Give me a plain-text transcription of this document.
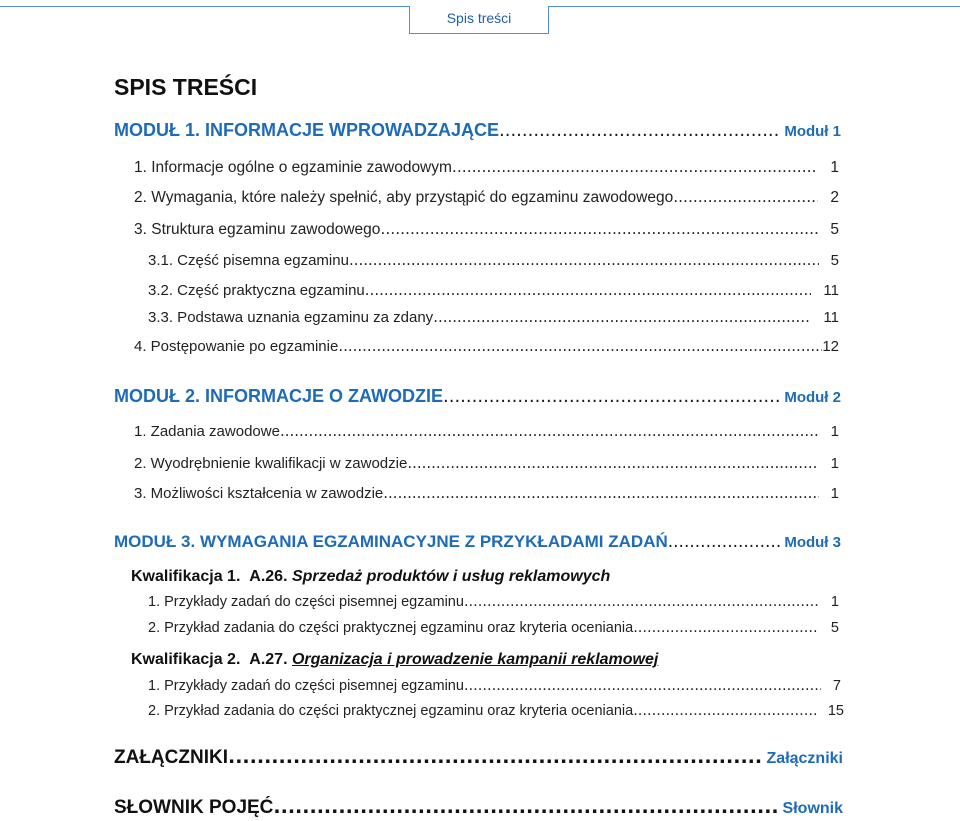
Spis treści
SPIS TREŚCI
MODUŁ 1. INFORMACJE WPROWADZAJĄCE .....	Moduł 1
1. Informacje ogólne o egzaminie zawodowym .....	1
2. Wymagania, które należy spełnić, aby przystąpić do egzaminu zawodowego .....	2
3. Struktura egzaminu zawodowego .....	5
3.1. Część pisemna egzaminu .....	5
3.2. Część praktyczna egzaminu .....	11
3.3. Podstawa uznania egzaminu za zdany .....	11
4. Postępowanie po egzaminie .....	12
MODUŁ 2. INFORMACJE O ZAWODZIE .....	Moduł 2
1. Zadania zawodowe .....	1
2. Wyodrębnienie kwalifikacji w zawodzie .....	1
3. Możliwości kształcenia w zawodzie .....	1
MODUŁ 3. WYMAGANIA EGZAMINACYJNE Z PRZYKŁADAMI ZADAŃ .....	Moduł 3
Kwalifikacja 1. A.26. Sprzedaż produktów i usług reklamowych
1. Przykłady zadań do części pisemnej egzaminu .....	1
2. Przykład zadania do części praktycznej egzaminu oraz kryteria oceniania .....	5
Kwalifikacja 2. A.27. Organizacja i prowadzenie kampanii reklamowej
1. Przykłady zadań do części pisemnej egzaminu .....	7
2. Przykład zadania do części praktycznej egzaminu oraz kryteria oceniania .....	15
ZAŁĄCZNIKI .....	Załączniki
SŁOWNIK POJĘĆ .....	Słownik
